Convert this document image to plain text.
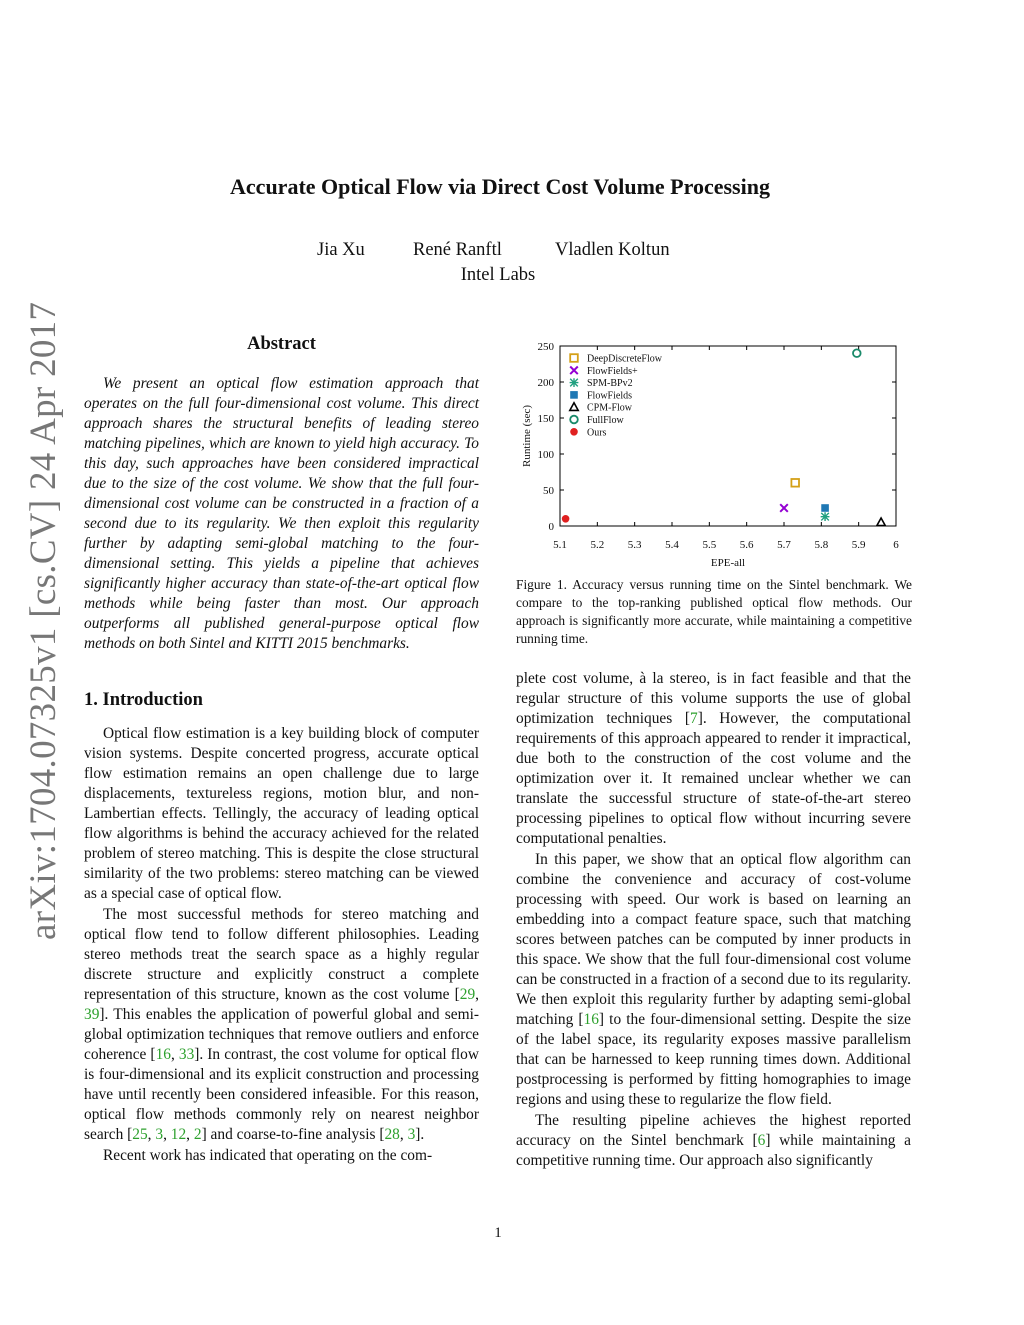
arXiv:1704.07325v1 [cs.CV] 24 Apr 2017
Accurate Optical Flow via Direct Cost Volume Processing
Jia Xu	René Ranftl	Vladlen Koltun
Intel Labs
Abstract

We present an optical flow estimation approach that operates on the full four-dimensional cost volume. This direct approach shares the structural benefits of leading stereo matching pipelines, which are known to yield high accuracy. To this day, such approaches have been considered impractical due to the size of the cost volume. We show that the full four-dimensional cost volume can be constructed in a fraction of a second due to its regularity. We then exploit this regularity further by adapting semi-global matching to the four-dimensional setting. This yields a pipeline that achieves significantly higher accuracy than state-of-the-art optical flow methods while being faster than most. Our approach outperforms all published general-purpose optical flow methods on both Sintel and KITTI 2015 benchmarks.

1. Introduction

Optical flow estimation is a key building block of computer vision systems. Despite concerted progress, accurate optical flow estimation remains an open challenge due to large displacements, textureless regions, motion blur, and non-Lambertian effects. Tellingly, the accuracy of leading optical flow algorithms is behind the accuracy achieved for the related problem of stereo matching. This is despite the close structural similarity of the two problems: stereo matching can be viewed as a special case of optical flow.

The most successful methods for stereo matching and optical flow tend to follow different philosophies. Leading stereo methods treat the search space as a highly regular discrete structure and explicitly construct a complete representation of this structure, known as the cost volume [29, 39]. This enables the application of powerful global and semi-global optimization techniques that remove outliers and enforce coherence [16, 33]. In contrast, the cost volume for optical flow is four-dimensional and its explicit construction and processing have until recently been considered infeasible. For this reason, optical flow methods commonly rely on nearest neighbor search [25, 3, 12, 2] and coarse-to-fine analysis [28, 3].

Recent work has indicated that operating on the com-

5.1 5.2 5.3 5.4 5.5 5.6 5.7 5.8 5.9	6
0
50
100
150
200
250
EPE-all
Runtime (sec)
DeepDiscreteFlow
FlowFields+
SPM-BPv2
FlowFields
CPM-Flow
FullFlow
Ours
Figure 1. Accuracy versus running time on the Sintel benchmark. We compare to the top-ranking published optical flow methods. Our approach is significantly more accurate, while maintaining a competitive running time.

plete cost volume, à la stereo, is in fact feasible and that the regular structure of this volume supports the use of global optimization techniques [7]. However, the computational requirements of this approach appeared to render it impractical, due both to the construction of the cost volume and the optimization over it. It remained unclear whether we can translate the successful structure of state-of-the-art stereo processing pipelines to optical flow without incurring severe computational penalties.

In this paper, we show that an optical flow algorithm can combine the convenience and accuracy of cost-volume processing with speed. Our work is based on learning an embedding into a compact feature space, such that matching scores between patches can be computed by inner products in this space. We show that the full four-dimensional cost volume can be constructed in a fraction of a second due to its regularity. We then exploit this regularity further by adapting semi-global matching [16] to the four-dimensional setting. Despite the size of the label space, its regularity exposes massive parallelism that can be harnessed to keep running times down. Additional postprocessing is performed by fitting homographies to image regions and using these to regularize the flow field.

The resulting pipeline achieves the highest reported accuracy on the Sintel benchmark [6] while maintaining a competitive running time. Our approach also significantly

1
